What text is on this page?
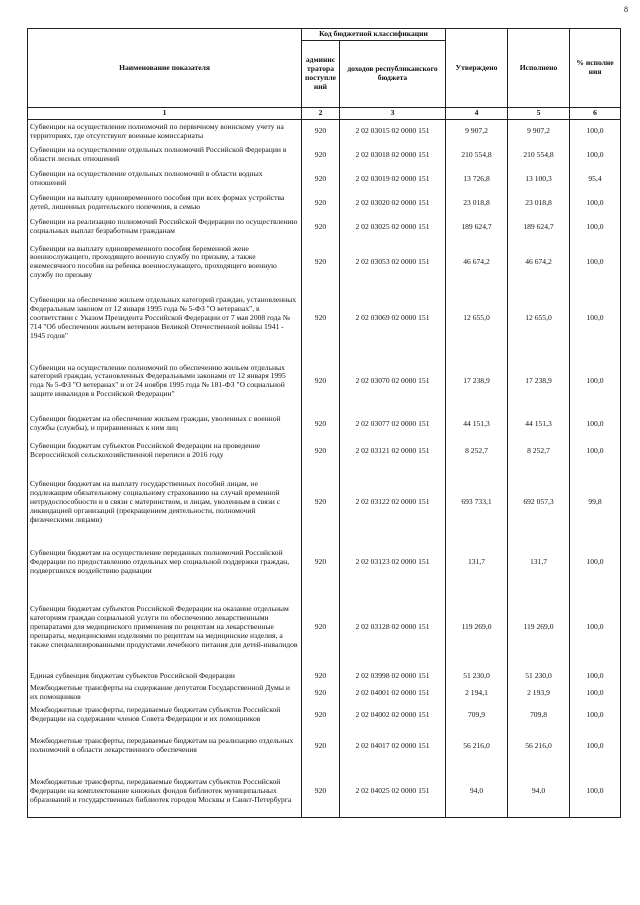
8
Наименование показателя	Код бюджетной классификации		Утверждено	Исполнено	% исполне ния
	админис тратора поступле ний	доходов республиканского бюджета			
1	2	3	4	5	6
Субвенции на осуществление полномочий по первичному воинскому учету на территориях, где отсутствуют военные комиссариаты	920	2 02 03015 02 0000 151	9 907,2	9 907,2	100,0
Субвенции на осуществление отдельных полномочий Российской Федерации в области лесных отношений	920	2 02 03018 02 0000 151	210 554,8	210 554,8	100,0
Субвенции на осуществление отдельных полномочий в области водных отношений	920	2 02 03019 02 0000 151	13 726,8	13 100,3	95,4
Субвенции на выплату единовременного пособия при всех формах устройства детей, лишенных родительского попечения, в семью	920	2 02 03020 02 0000 151	23 018,8	23 018,8	100,0
Субвенции на реализацию полномочий Российской Федерации по осуществлению социальных выплат безработным гражданам	920	2 02 03025 02 0000 151	189 624,7	189 624,7	100,0
Субвенции на выплату единовременного пособия беременной жене военнослужащего, проходящего военную службу по призыву, а также ежемесячного пособия на ребенка военнослужащего, проходящего военную службу по призыву	920	2 02 03053 02 0000 151	46 674,2	46 674,2	100,0
Субвенции на обеспечение жильем отдельных категорий граждан, установленных Федеральным законом от 12 января 1995 года № 5-ФЗ "О ветеранах", в соответствии с Указом Президента Российской Федерации от 7 мая 2008 года № 714 "Об обеспечении жильем ветеранов Великой Отечественной войны 1941 - 1945 годов"	920	2 02 03069 02 0000 151	12 655,0	12 655,0	100,0
Субвенции на осуществление полномочий по обеспечению жильем отдельных категорий граждан, установленных Федеральными законами от 12 января 1995 года № 5-ФЗ "О ветеранах" и от 24 ноября 1995 года № 181-ФЗ "О социальной защите инвалидов в Российской Федерации"	920	2 02 03070 02 0000 151	17 238,9	17 238,9	100,0
Субвенции бюджетам на обеспечение жильем граждан, уволенных с военной службы (службы), и приравненных к ним лиц	920	2 02 03077 02 0000 151	44 151,3	44 151,3	100,0
Субвенции бюджетам субъектов Российской Федерации на проведение Всероссийской сельскохозяйственной переписи в 2016 году	920	2 02 03121 02 0000 151	8 252,7	8 252,7	100,0
Субвенции бюджетам на выплату государственных пособий лицам, не подлежащим обязательному социальному страхованию на случай временной нетрудоспособности и в связи с материнством, и лицам, уволенным в связи с ликвидацией организаций (прекращением деятельности, полномочий физическими лицами)	920	2 02 03122 02 0000 151	693 733,1	692 057,3	99,8
Субвенции бюджетам на осуществление переданных полномочий Российской Федерации по предоставлению отдельных мер социальной поддержки граждан, подвергшихся воздействию радиации	920	2 02 03123 02 0000 151	131,7	131,7	100,0
Субвенции бюджетам субъектов Российской Федерации на оказание отдельным категориям граждан социальной услуги по обеспечению лекарственными препаратами для медицинского применения по рецептам на лекарственные препараты, медицинскими изделиями по рецептам на медицинские изделия, а также специализированными продуктами лечебного питания для детей-инвалидов	920	2 02 03128 02 0000 151	119 269,0	119 269,0	100,0
Единая субвенция бюджетам субъектов Российской Федерации	920	2 02 03998 02 0000 151	51 230,0	51 230,0	100,0
Межбюджетные трансферты на содержание депутатов Государственной Думы и их помощников	920	2 02 04001 02 0000 151	2 194,1	2 193,9	100,0
Межбюджетные трансферты, передаваемые бюджетам субъектов Российской Федерации на содержание членов Совета Федерации и их помощников	920	2 02 04002 02 0000 151	709,9	709,8	100,0
Межбюджетные трансферты, передаваемые бюджетам на реализацию отдельных полномочий в области лекарственного обеспечения	920	2 02 04017 02 0000 151	56 216,0	56 216,0	100,0
Межбюджетные трансферты, передаваемые бюджетам субъектов Российской Федерации на комплектование книжных фондов библиотек муниципальных образований и государственных библиотек городов Москвы и Санкт-Петербурга	920	2 02 04025 02 0000 151	94,0	94,0	100,0
